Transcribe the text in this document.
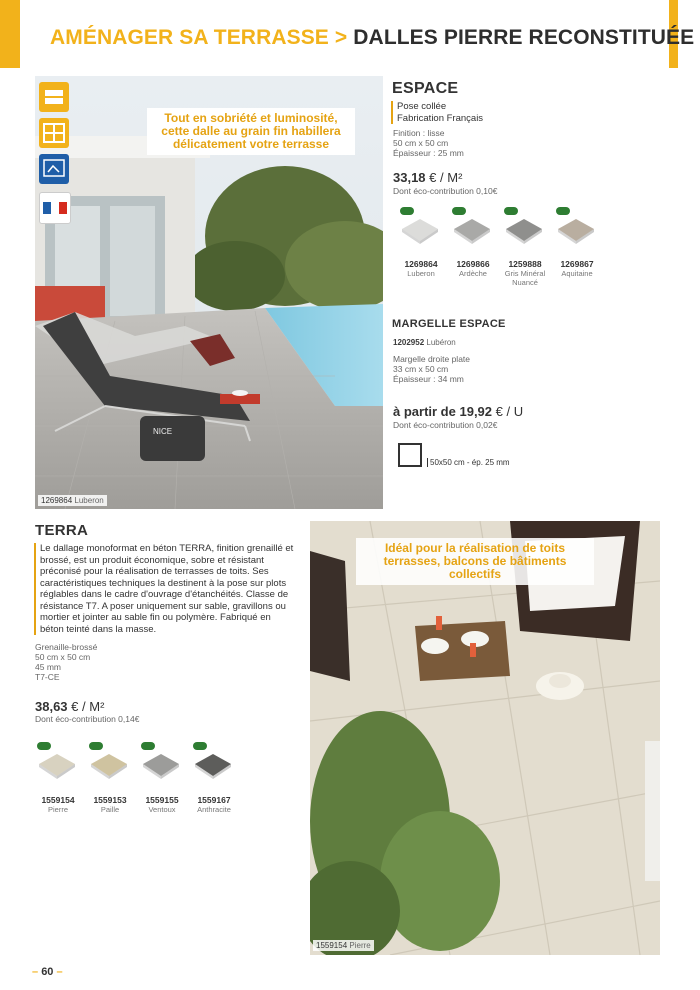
AMÉNAGER SA TERRASSE > DALLES PIERRE RECONSTITUÉE
NICE
Tout en sobriété et luminosité, cette dalle au grain fin habillera délicatement votre terrasse
1269864 Luberon
ESPACE
Pose collée
Fabrication Français
Finition : lisse
50 cm x 50 cm
Épaisseur : 25 mm
33,18 € / M²
Dont éco-contribution 0,10€
1269864
Luberon
1269866
Ardèche
1259888
Gris Minéral Nuancé
1269867
Aquitaine
MARGELLE ESPACE
1202952 Lubéron
Margelle droite plate
33 cm x 50 cm
Épaisseur : 34 mm
à partir de 19,92 € / U
Dont éco-contribution 0,02€
50x50 cm - ép. 25 mm
TERRA
Le dallage monoformat en béton TERRA, finition grenaillé et brossé, est un produit économique, sobre et résistant préconisé pour la réalisation de terrasses de toits. Ses caractéristiques techniques la destinent à la pose sur plots réglables dans le cadre d'ouvrage d'étanchéités. Classe de résistance T7. A poser uniquement sur sable, gravillons ou mortier et jointer au sable fin ou polymère. Fabriqué en béton teinté dans la masse.
Grenaille-brossé
50 cm x 50 cm
45 mm
T7-CE
38,63 € / M²
Dont éco-contribution 0,14€
1559154
Pierre
1559153
Paille
1559155
Ventoux
1559167
Anthracite
Idéal pour la réalisation de toits terrasses, balcons de bâtiments collectifs
1559154 Pierre
– 60 –
